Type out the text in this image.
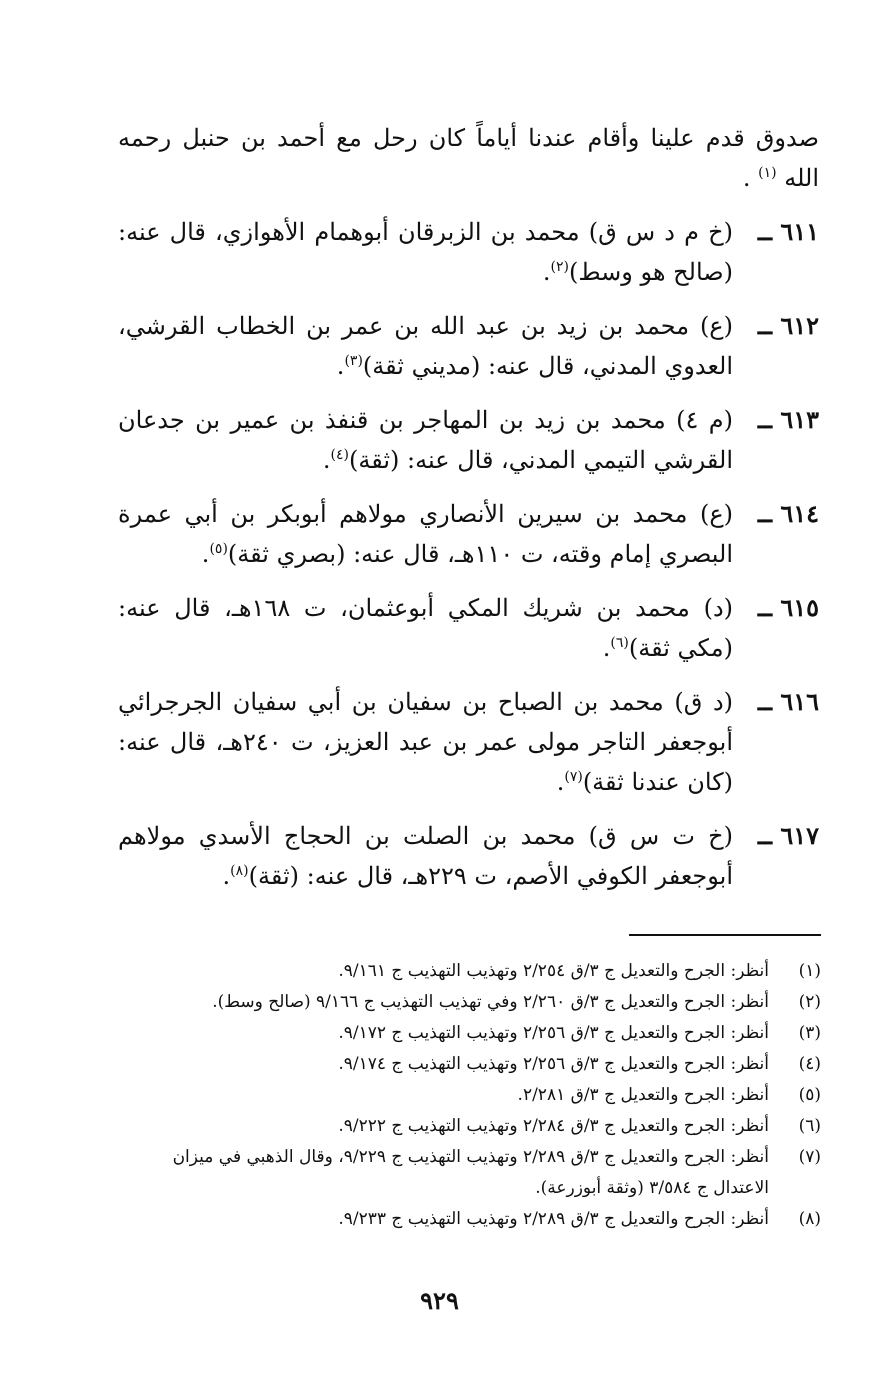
صدوق قدم علينا وأقام عندنا أياماً كان رحل مع أحمد بن حنبل رحمه الله $^{(١)}$ .

٦١١ ــ
(خ م د س ق) محمد بن الزبرقان أبوهمام الأهوازي، قال عنه: (صالح هو وسط)$^{(٢)}$.
٦١٢ ــ
(ع) محمد بن زيد بن عبد الله بن عمر بن الخطاب القرشي، العدوي المدني، قال عنه: (مديني ثقة)$^{(٣)}$.
٦١٣ ــ
(م ٤) محمد بن زيد بن المهاجر بن قنفذ بن عمير بن جدعان القرشي التيمي المدني، قال عنه: (ثقة)$^{(٤)}$.
٦١٤ ــ
(ع) محمد بن سيرين الأنصاري مولاهم أبوبكر بن أبي عمرة البصري إمام وقته، ت ١١٠هـ، قال عنه: (بصري ثقة)$^{(٥)}$.
٦١٥ ــ
(د) محمد بن شريك المكي أبوعثمان، ت ١٦٨هـ، قال عنه: (مكي ثقة)$^{(٦)}$.
٦١٦ ــ
(د ق) محمد بن الصباح بن سفيان بن أبي سفيان الجرجرائي أبوجعفر التاجر مولى عمر بن عبد العزيز، ت ٢٤٠هـ، قال عنه: (كان عندنا ثقة)$^{(٧)}$.
٦١٧ ــ
(خ ت س ق) محمد بن الصلت بن الحجاج الأسدي مولاهم أبوجعفر الكوفي الأصم، ت ٢٢٩هـ، قال عنه: (ثقة)$^{(٨)}$.
(١)
أنظر: الجرح والتعديل ج ٣/ق ٢/٢٥٤ وتهذيب التهذيب ج ٩/١٦١.
(٢)
أنظر: الجرح والتعديل ج ٣/ق ٢/٢٦٠ وفي تهذيب التهذيب ج ٩/١٦٦ (صالح وسط).
(٣)
أنظر: الجرح والتعديل ج ٣/ق ٢/٢٥٦ وتهذيب التهذيب ج ٩/١٧٢.
(٤)
أنظر: الجرح والتعديل ج ٣/ق ٢/٢٥٦ وتهذيب التهذيب ج ٩/١٧٤.
(٥)
أنظر: الجرح والتعديل ج ٣/ق ٢/٢٨١.
(٦)
أنظر: الجرح والتعديل ج ٣/ق ٢/٢٨٤ وتهذيب التهذيب ج ٩/٢٢٢.
(٧)
أنظر: الجرح والتعديل ج ٣/ق ٢/٢٨٩ وتهذيب التهذيب ج ٩/٢٢٩، وقال الذهبي في ميزان الاعتدال ج ٣/٥٨٤ (وثقة أبوزرعة).
(٨)
أنظر: الجرح والتعديل ج ٣/ق ٢/٢٨٩ وتهذيب التهذيب ج ٩/٢٣٣.
٩٢٩
